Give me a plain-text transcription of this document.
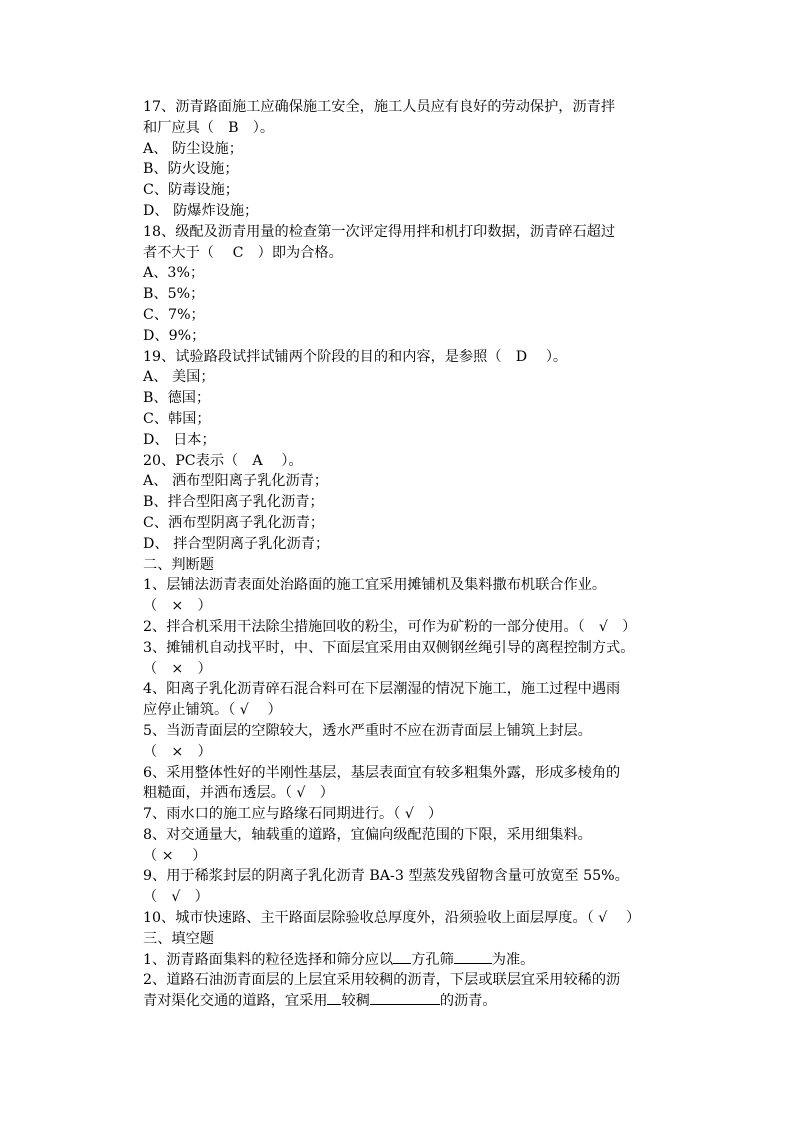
17、沥青路面施工应确保施工安全，施工人员应有良好的劳动保护，沥青拌
和厂应具（　B　）。
A、 防尘设施；
B、防火设施；
C、防毒设施；
D、 防爆炸设施；
18、级配及沥青用量的检查第一次评定得用拌和机打印数据，沥青碎石超过
者不大于（　 C　）即为合格。
A、3%；
B、5%；
C、7%；
D、9%；
19、试验路段试拌试铺两个阶段的目的和内容，是参照（　D　 ）。
A、 美国；
B、德国；
C、韩国；
D、 日本；
20、PC表示（　A　 ）。
A、 洒布型阳离子乳化沥青；
B、拌合型阳离子乳化沥青；
C、洒布型阴离子乳化沥青；
D、 拌合型阴离子乳化沥青；
二、判断题
1、层铺法沥青表面处治路面的施工宜采用摊铺机及集料撒布机联合作业。
（　×　）
2、拌合机采用干法除尘措施回收的粉尘，可作为矿粉的一部分使用。（　√　）
3、摊铺机自动找平时，中、下面层宜采用由双侧钢丝绳引导的离程控制方式。
（　×　）
4、阳离子乳化沥青碎石混合料可在下层潮湿的情况下施工，施工过程中遇雨
应停止铺筑。（ √　 ）
5、当沥青面层的空隙较大，透水严重时不应在沥青面层上铺筑上封层。
（　×　）
6、采用整体性好的半刚性基层，基层表面宜有较多粗集外露，形成多棱角的
粗糙面，并洒布透层。（ √　）
7、雨水口的施工应与路缘石同期进行。（ √　）
8、对交通量大，轴载重的道路，宜偏向级配范围的下限，采用细集料。
（ ×　 ）
9、用于稀浆封层的阴离子乳化沥青 BA-3 型蒸发残留物含量可放宽至 55%。
（　√　）
10、城市快速路、主干路面层除验收总厚度外，沿须验收上面层厚度。（ √　 ）
三、填空题
1、沥青路面集料的粒径选择和筛分应以 方孔筛	为准。
2、道路石油沥青面层的上层宜采用较稠的沥青，下层或联层宜采用较稀的沥
青对渠化交通的道路，宜采用 较稠	的沥青。
